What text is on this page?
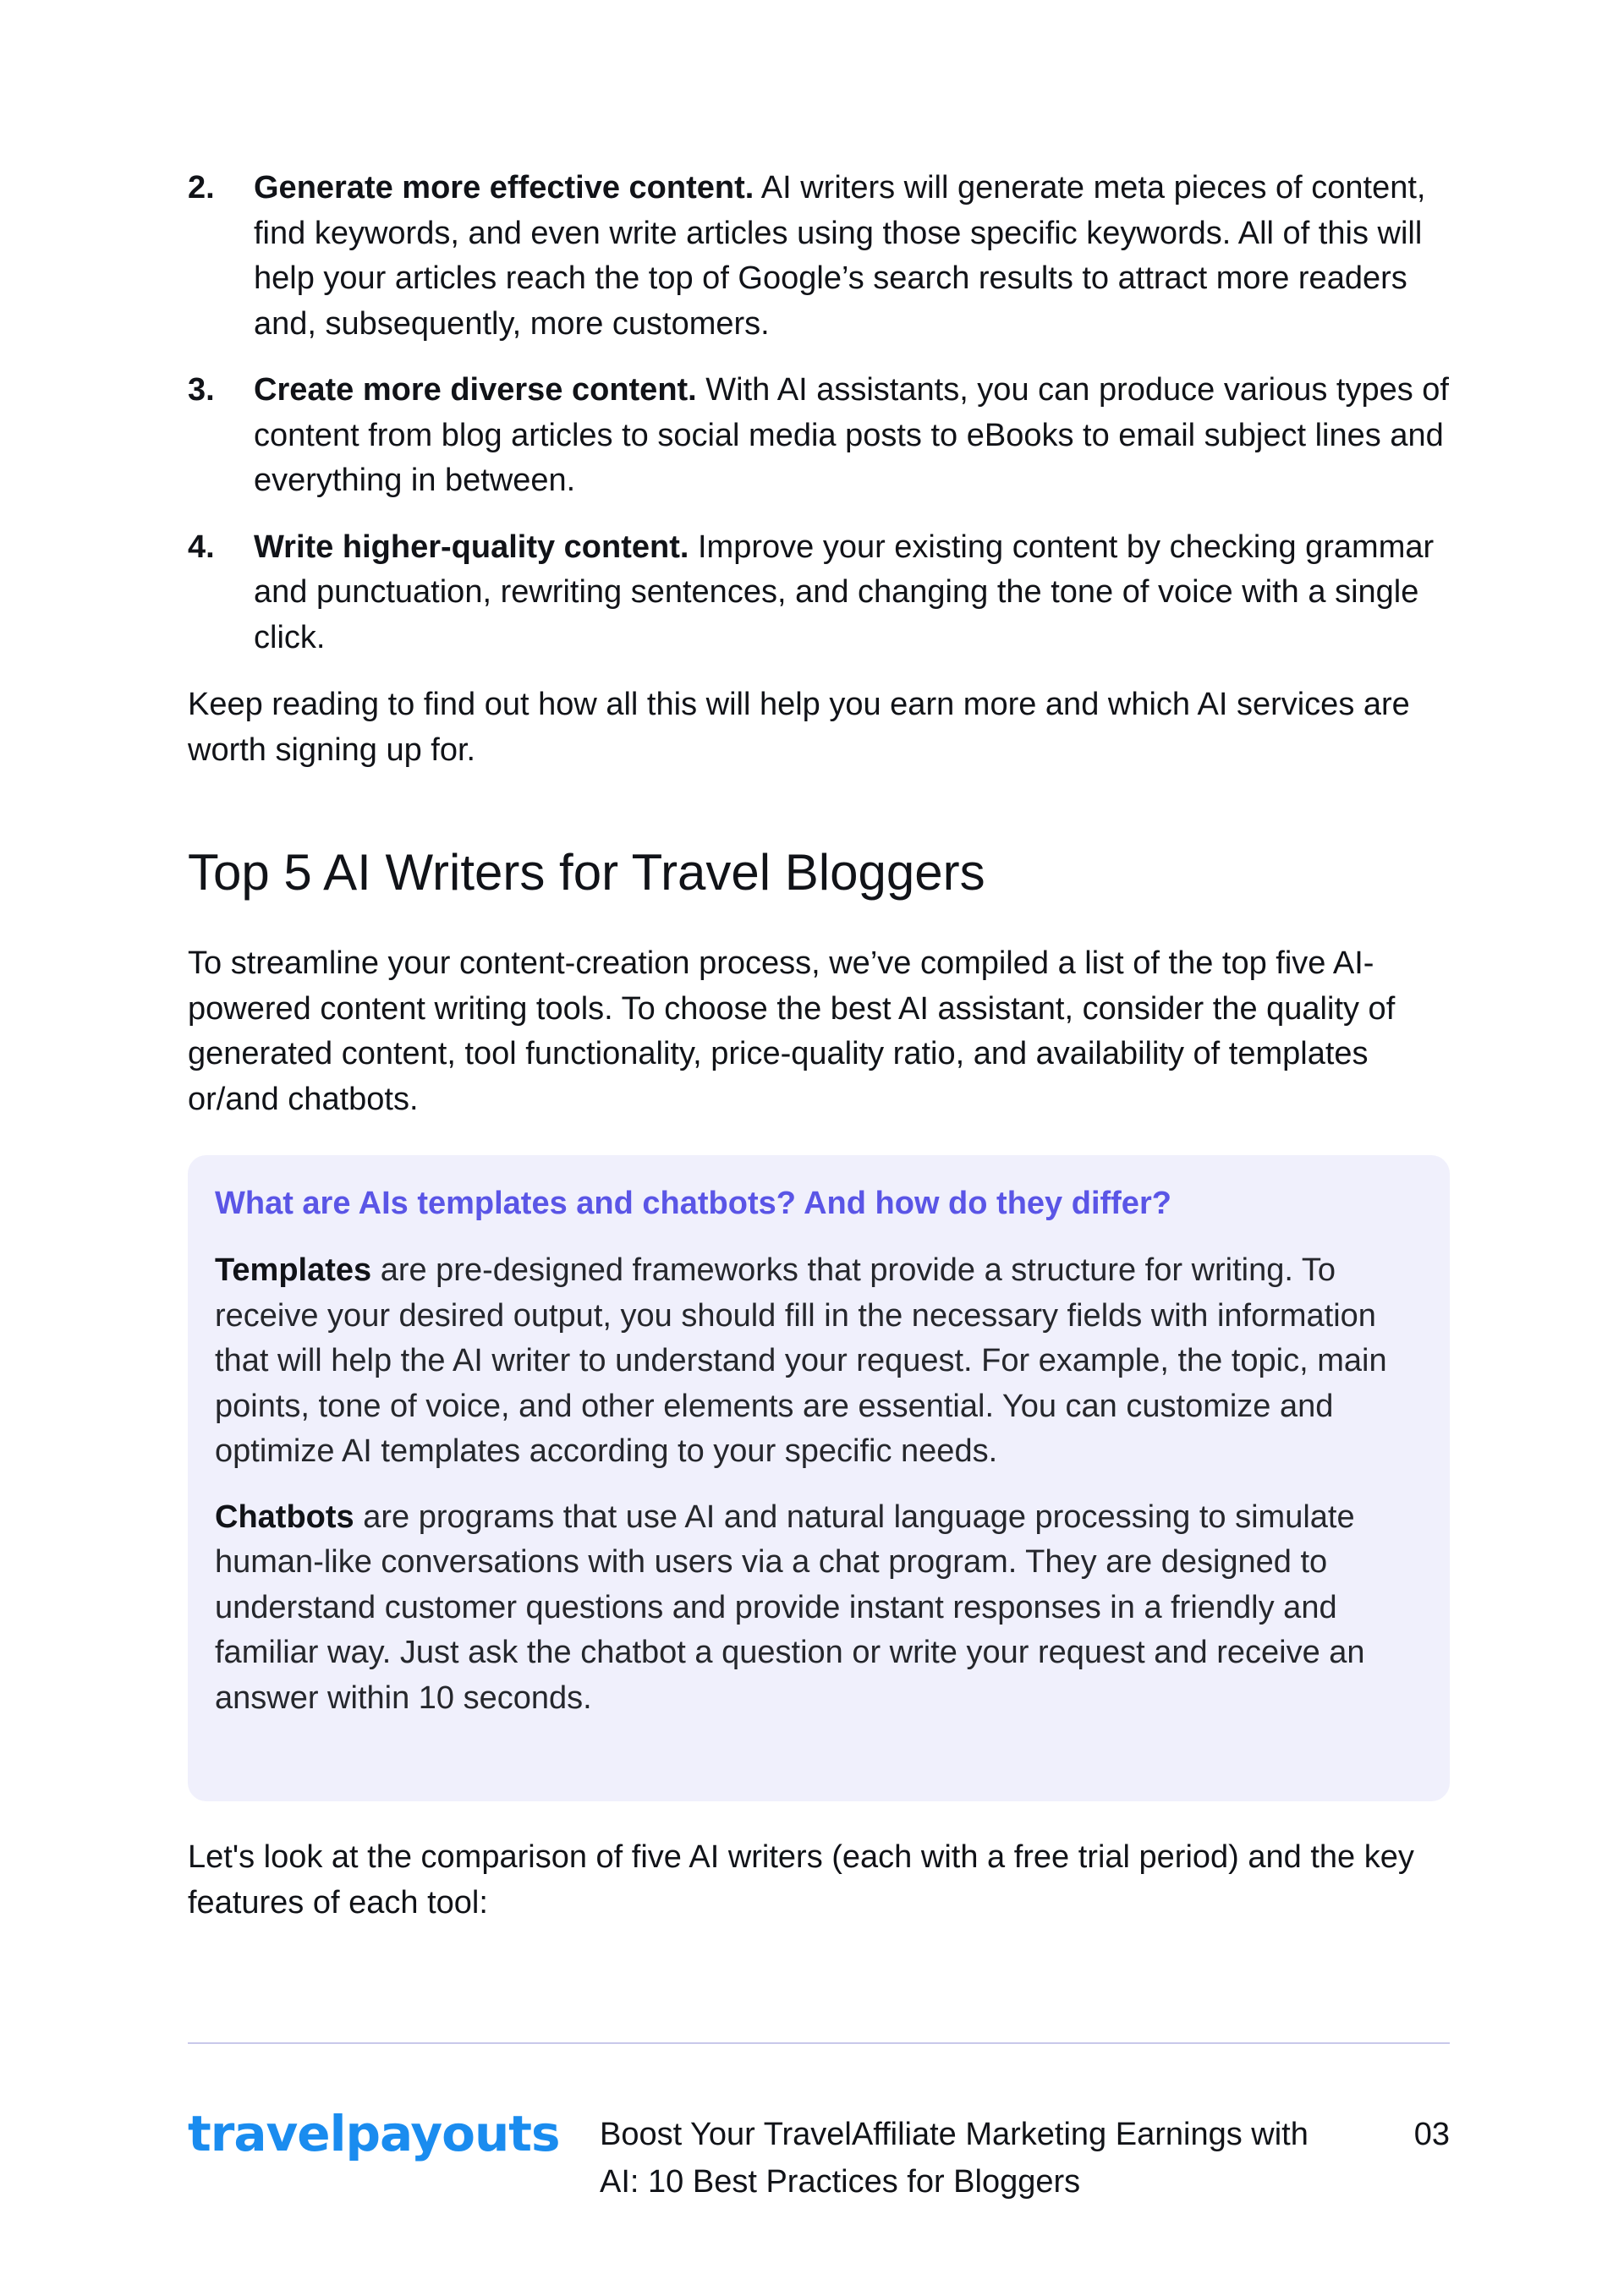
2. Generate more effective content. AI writers will generate meta pieces of content, find keywords, and even write articles using those specific keywords. All of this will help your articles reach the top of Google’s search results to attract more readers and, subsequently, more customers.
3. Create more diverse content. With AI assistants, you can produce various types of content from blog articles to social media posts to eBooks to email subject lines and everything in between.
4. Write higher-quality content. Improve your existing content by checking grammar and punctuation, rewriting sentences, and changing the tone of voice with a single click.

Keep reading to find out how all this will help you earn more and which AI services are worth signing up for.

Top 5 AI Writers for Travel Bloggers

To streamline your content-creation process, we’ve compiled a list of the top five AI-powered content writing tools. To choose the best AI assistant, consider the quality of generated content, tool functionality, price-quality ratio, and availability of templates or/and chatbots.

What are AIs templates and chatbots? And how do they differ?

Templates are pre-designed frameworks that provide a structure for writing. To receive your desired output, you should fill in the necessary fields with information that will help the AI writer to understand your request. For example, the topic, main points, tone of voice, and other elements are essential. You can customize and optimize AI templates according to your specific needs.

Chatbots are programs that use AI and natural language processing to simulate human-like conversations with users via a chat program. They are designed to understand customer questions and provide instant responses in a friendly and familiar way. Just ask the chatbot a question or write your request and receive an answer within 10 seconds.

Let's look at the comparison of five AI writers (each with a free trial period) and the key features of each tool:

travelpayouts Boost Your TravelAffiliate Marketing Earnings with AI: 10 Best Practices for Bloggers
03
